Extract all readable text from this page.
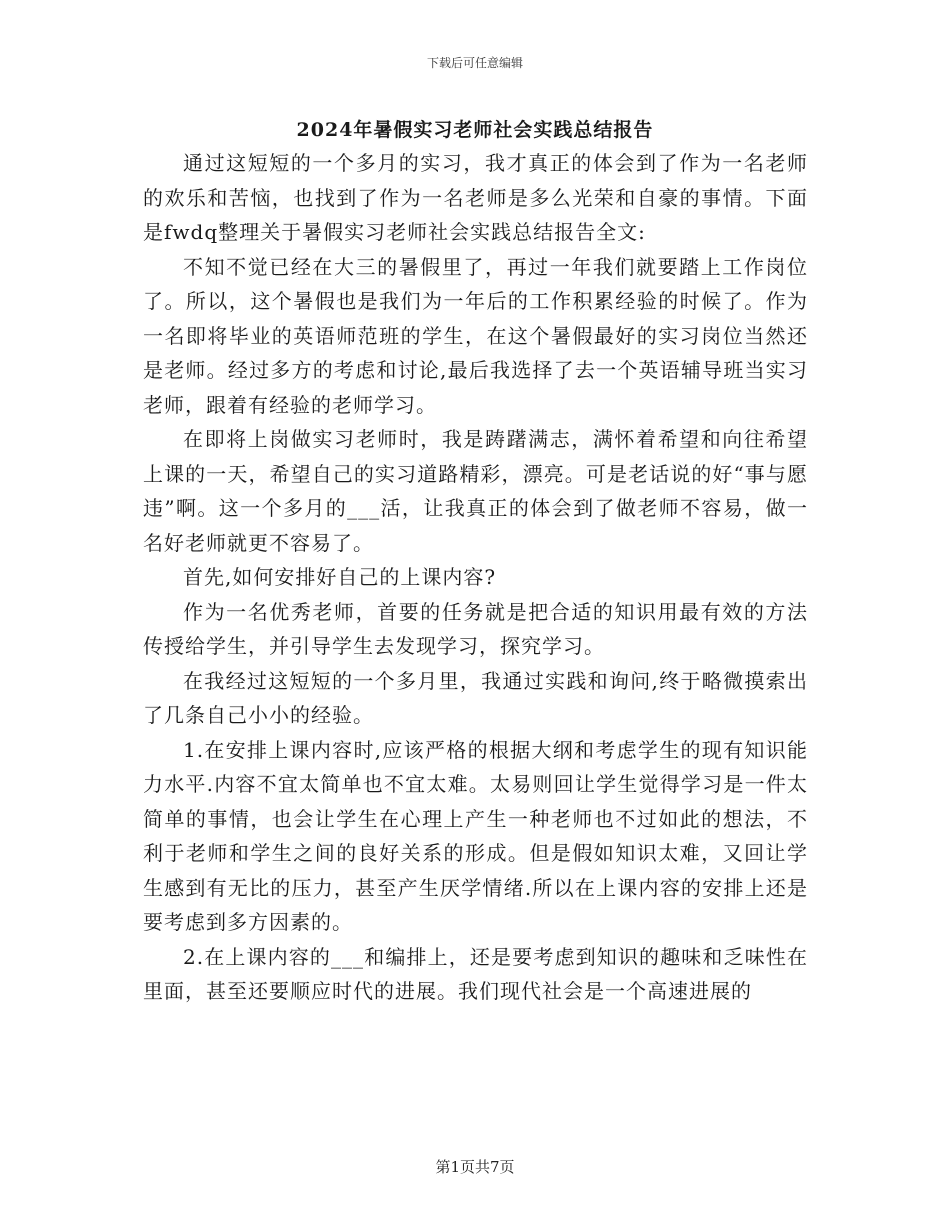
下载后可任意编辑
2024年暑假实习老师社会实践总结报告

通过这短短的一个多月的实习，我才真正的体会到了作为一名老师的欢乐和苦恼，也找到了作为一名老师是多么光荣和自豪的事情。下面是fwdq整理关于暑假实习老师社会实践总结报告全文:

不知不觉已经在大三的暑假里了，再过一年我们就要踏上工作岗位了。所以，这个暑假也是我们为一年后的工作积累经验的时候了。作为一名即将毕业的英语师范班的学生，在这个暑假最好的实习岗位当然还是老师。经过多方的考虑和讨论,最后我选择了去一个英语辅导班当实习老师，跟着有经验的老师学习。

在即将上岗做实习老师时，我是踌躇满志，满怀着希望和向往希望上课的一天，希望自己的实习道路精彩，漂亮。可是老话说的好“事与愿违”啊。这一个多月的___活，让我真正的体会到了做老师不容易，做一名好老师就更不容易了。

首先,如何安排好自己的上课内容?

作为一名优秀老师，首要的任务就是把合适的知识用最有效的方法传授给学生，并引导学生去发现学习，探究学习。

在我经过这短短的一个多月里，我通过实践和询问,终于略微摸索出了几条自己小小的经验。

1.在安排上课内容时,应该严格的根据大纲和考虑学生的现有知识能力水平.内容不宜太简单也不宜太难。太易则回让学生觉得学习是一件太简单的事情，也会让学生在心理上产生一种老师也不过如此的想法，不利于老师和学生之间的良好关系的形成。但是假如知识太难，又回让学生感到有无比的压力，甚至产生厌学情绪.所以在上课内容的安排上还是要考虑到多方因素的。

2.在上课内容的___和编排上，还是要考虑到知识的趣味和乏味性在里面，甚至还要顺应时代的进展。我们现代社会是一个高速进展的

第1页共7页
